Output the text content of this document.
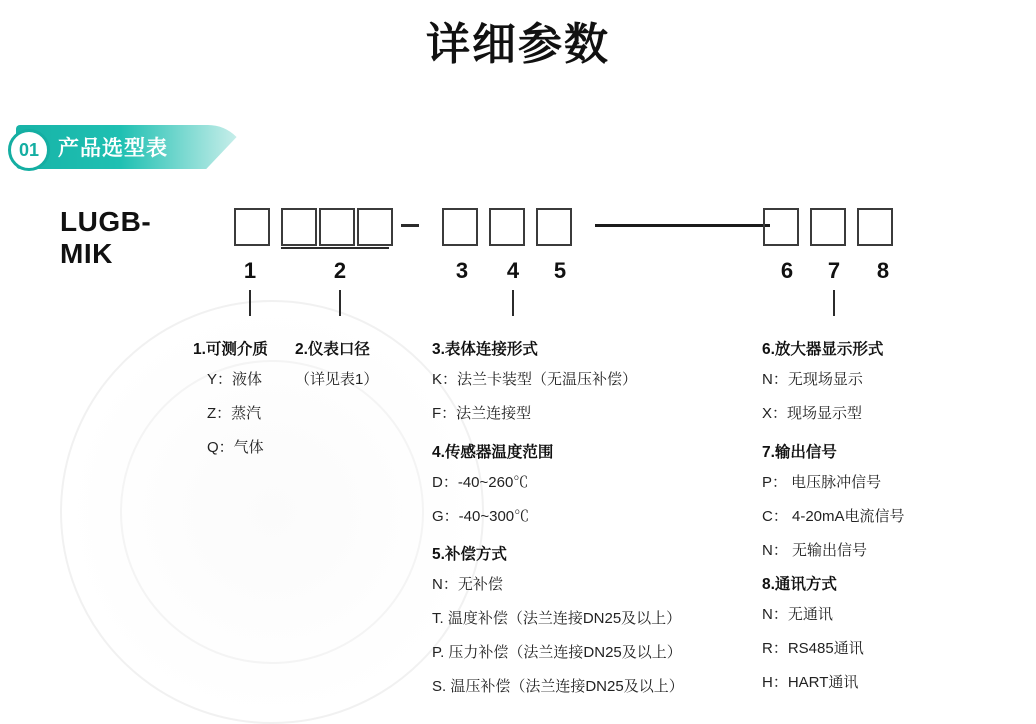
详细参数
01 产品选型表
LUGB-MIK
1	2	3 4 5	6 7 8
1.可测介质
Y：液体
Z：蒸汽
Q：气体
2.仪表口径
（详见表1）
3.表体连接形式
K：法兰卡装型（无温压补偿）
F：法兰连接型
4.传感器温度范围
D：-40~260℃
G：-40~300℃
5.补偿方式
N：无补偿
T. 温度补偿（法兰连接DN25及以上）
P. 压力补偿（法兰连接DN25及以上）
S. 温压补偿（法兰连接DN25及以上）
6.放大器显示形式
N：无现场显示
X：现场显示型
7.输出信号
P： 电压脉冲信号
C： 4-20mA电流信号
N： 无输出信号
8.通讯方式
N：无通讯
R：RS485通讯
H：HART通讯
